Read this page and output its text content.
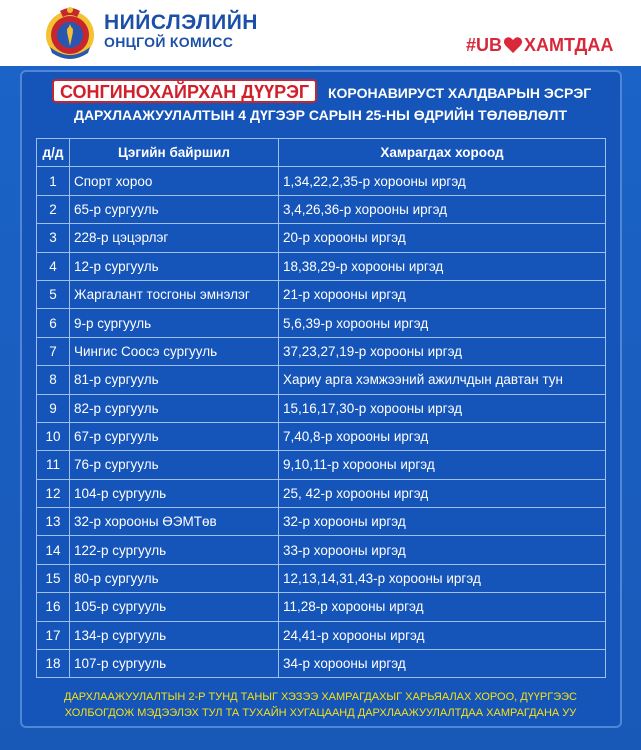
НИЙСЛЭЛИЙН
ОНЦГОЙ КОМИСС	#UB ХАМТДАА
СОНГИНОХАЙРХАН ДҮҮРЭГ	КОРОНАВИРУСТ ХАЛДВАРЫН ЭСРЭГ
ДАРХЛААЖУУЛАЛТЫН 4 ДҮГЭЭР САРЫН 25-НЫ ӨДРИЙН ТӨЛӨВЛӨЛТ
д/д	Цэгийн байршил	Хамрагдах хороод
1	Спорт хороо	1,34,22,2,35-р хорооны иргэд
2	65-р сургууль	3,4,26,36-р хорооны иргэд
3	228-р цэцэрлэг	20-р хорооны иргэд
4	12-р сургууль	18,38,29-р хорооны иргэд
5	Жаргалант тосгоны эмнэлэг	21-р хорооны иргэд
6	9-р сургууль	5,6,39-р хорооны иргэд
7	Чингис Соосэ сургууль	37,23,27,19-р хорооны иргэд
8	81-р сургууль	Хариу арга хэмжээний ажилчдын давтан тун
9	82-р сургууль	15,16,17,30-р хорооны иргэд
10	67-р сургууль	7,40,8-р хорооны иргэд
11	76-р сургууль	9,10,11-р хорооны иргэд
12	104-р сургууль	25, 42-р хорооны иргэд
13	32-р хорооны ӨЭМТөв	32-р хорооны иргэд
14	122-р сургууль	33-р хорооны иргэд
15	80-р сургууль	12,13,14,31,43-р хорооны иргэд
16	105-р сургууль	11,28-р хорооны иргэд
17	134-р сургууль	24,41-р хорооны иргэд
18	107-р сургууль	34-р хорооны иргэд
ДАРХЛААЖУУЛАЛТЫН 2-Р ТУНД ТАНЫГ ХЭЗЭЭ ХАМРАГДАХЫГ ХАРЬЯАЛАХ ХОРОО, ДҮҮРГЭЭС
ХОЛБОГДОЖ МЭДЭЭЛЭХ ТУЛ ТА ТУХАЙН ХУГАЦААНД ДАРХЛААЖУУЛАЛТДАА ХАМРАГДАНА УУ
